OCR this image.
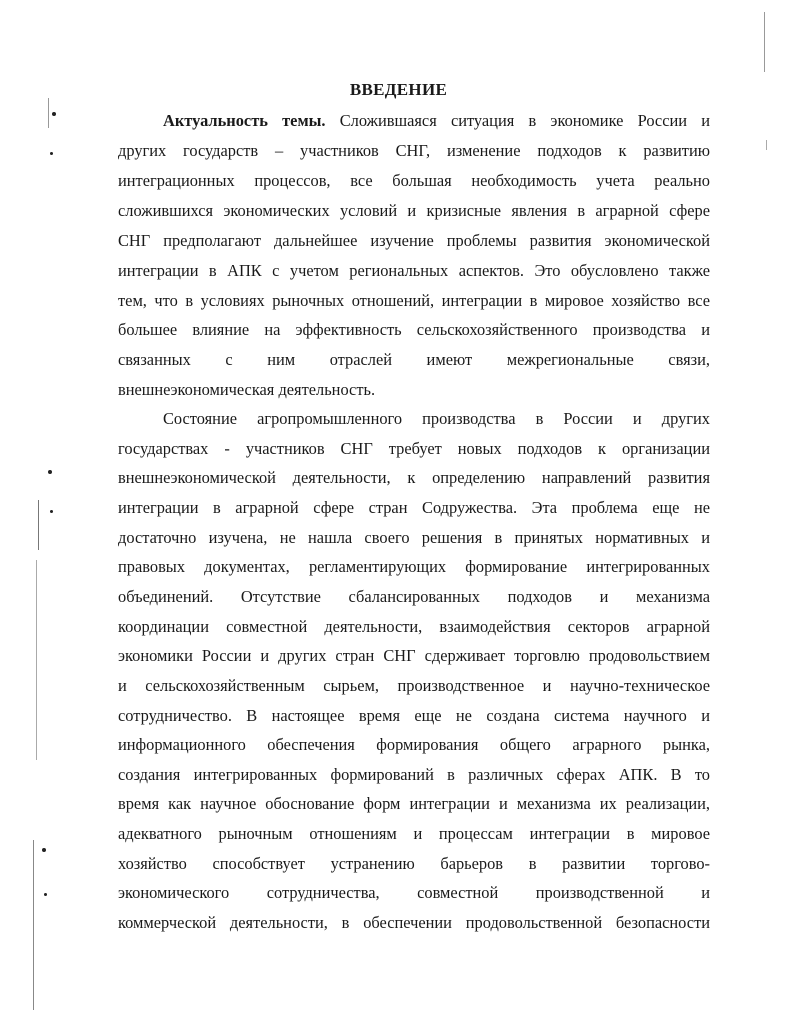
ВВЕДЕНИЕ
Актуальность темы. Сложившаяся ситуация в экономике России и
других государств – участников СНГ, изменение подходов к развитию
интеграционных процессов, все большая необходимость учета реально
сложившихся экономических условий и кризисные явления в аграрной сфере
СНГ предполагают дальнейшее изучение проблемы развития экономической
интеграции в АПК с учетом региональных аспектов. Это обусловлено также
тем, что в условиях рыночных отношений, интеграции в мировое хозяйство все
большее влияние на эффективность сельскохозяйственного производства и
связанных с ним отраслей имеют межрегиональные связи,
внешнеэкономическая деятельность.
Состояние агропромышленного производства в России и других
государствах - участников СНГ требует новых подходов к организации
внешнеэкономической деятельности, к определению направлений развития
интеграции в аграрной сфере стран Содружества. Эта проблема еще не
достаточно изучена, не нашла своего решения в принятых нормативных и
правовых документах, регламентирующих формирование интегрированных
объединений. Отсутствие сбалансированных подходов и механизма
координации совместной деятельности, взаимодействия секторов аграрной
экономики России и других стран СНГ сдерживает торговлю продовольствием
и сельскохозяйственным сырьем, производственное и научно-техническое
сотрудничество. В настоящее время еще не создана система научного и
информационного обеспечения формирования общего аграрного рынка,
создания интегрированных формирований в различных сферах АПК. В то
время как научное обоснование форм интеграции и механизма их реализации,
адекватного рыночным отношениям и процессам интеграции в мировое
хозяйство способствует устранению барьеров в развитии торгово-
экономического сотрудничества, совместной производственной и
коммерческой деятельности, в обеспечении продовольственной безопасности
